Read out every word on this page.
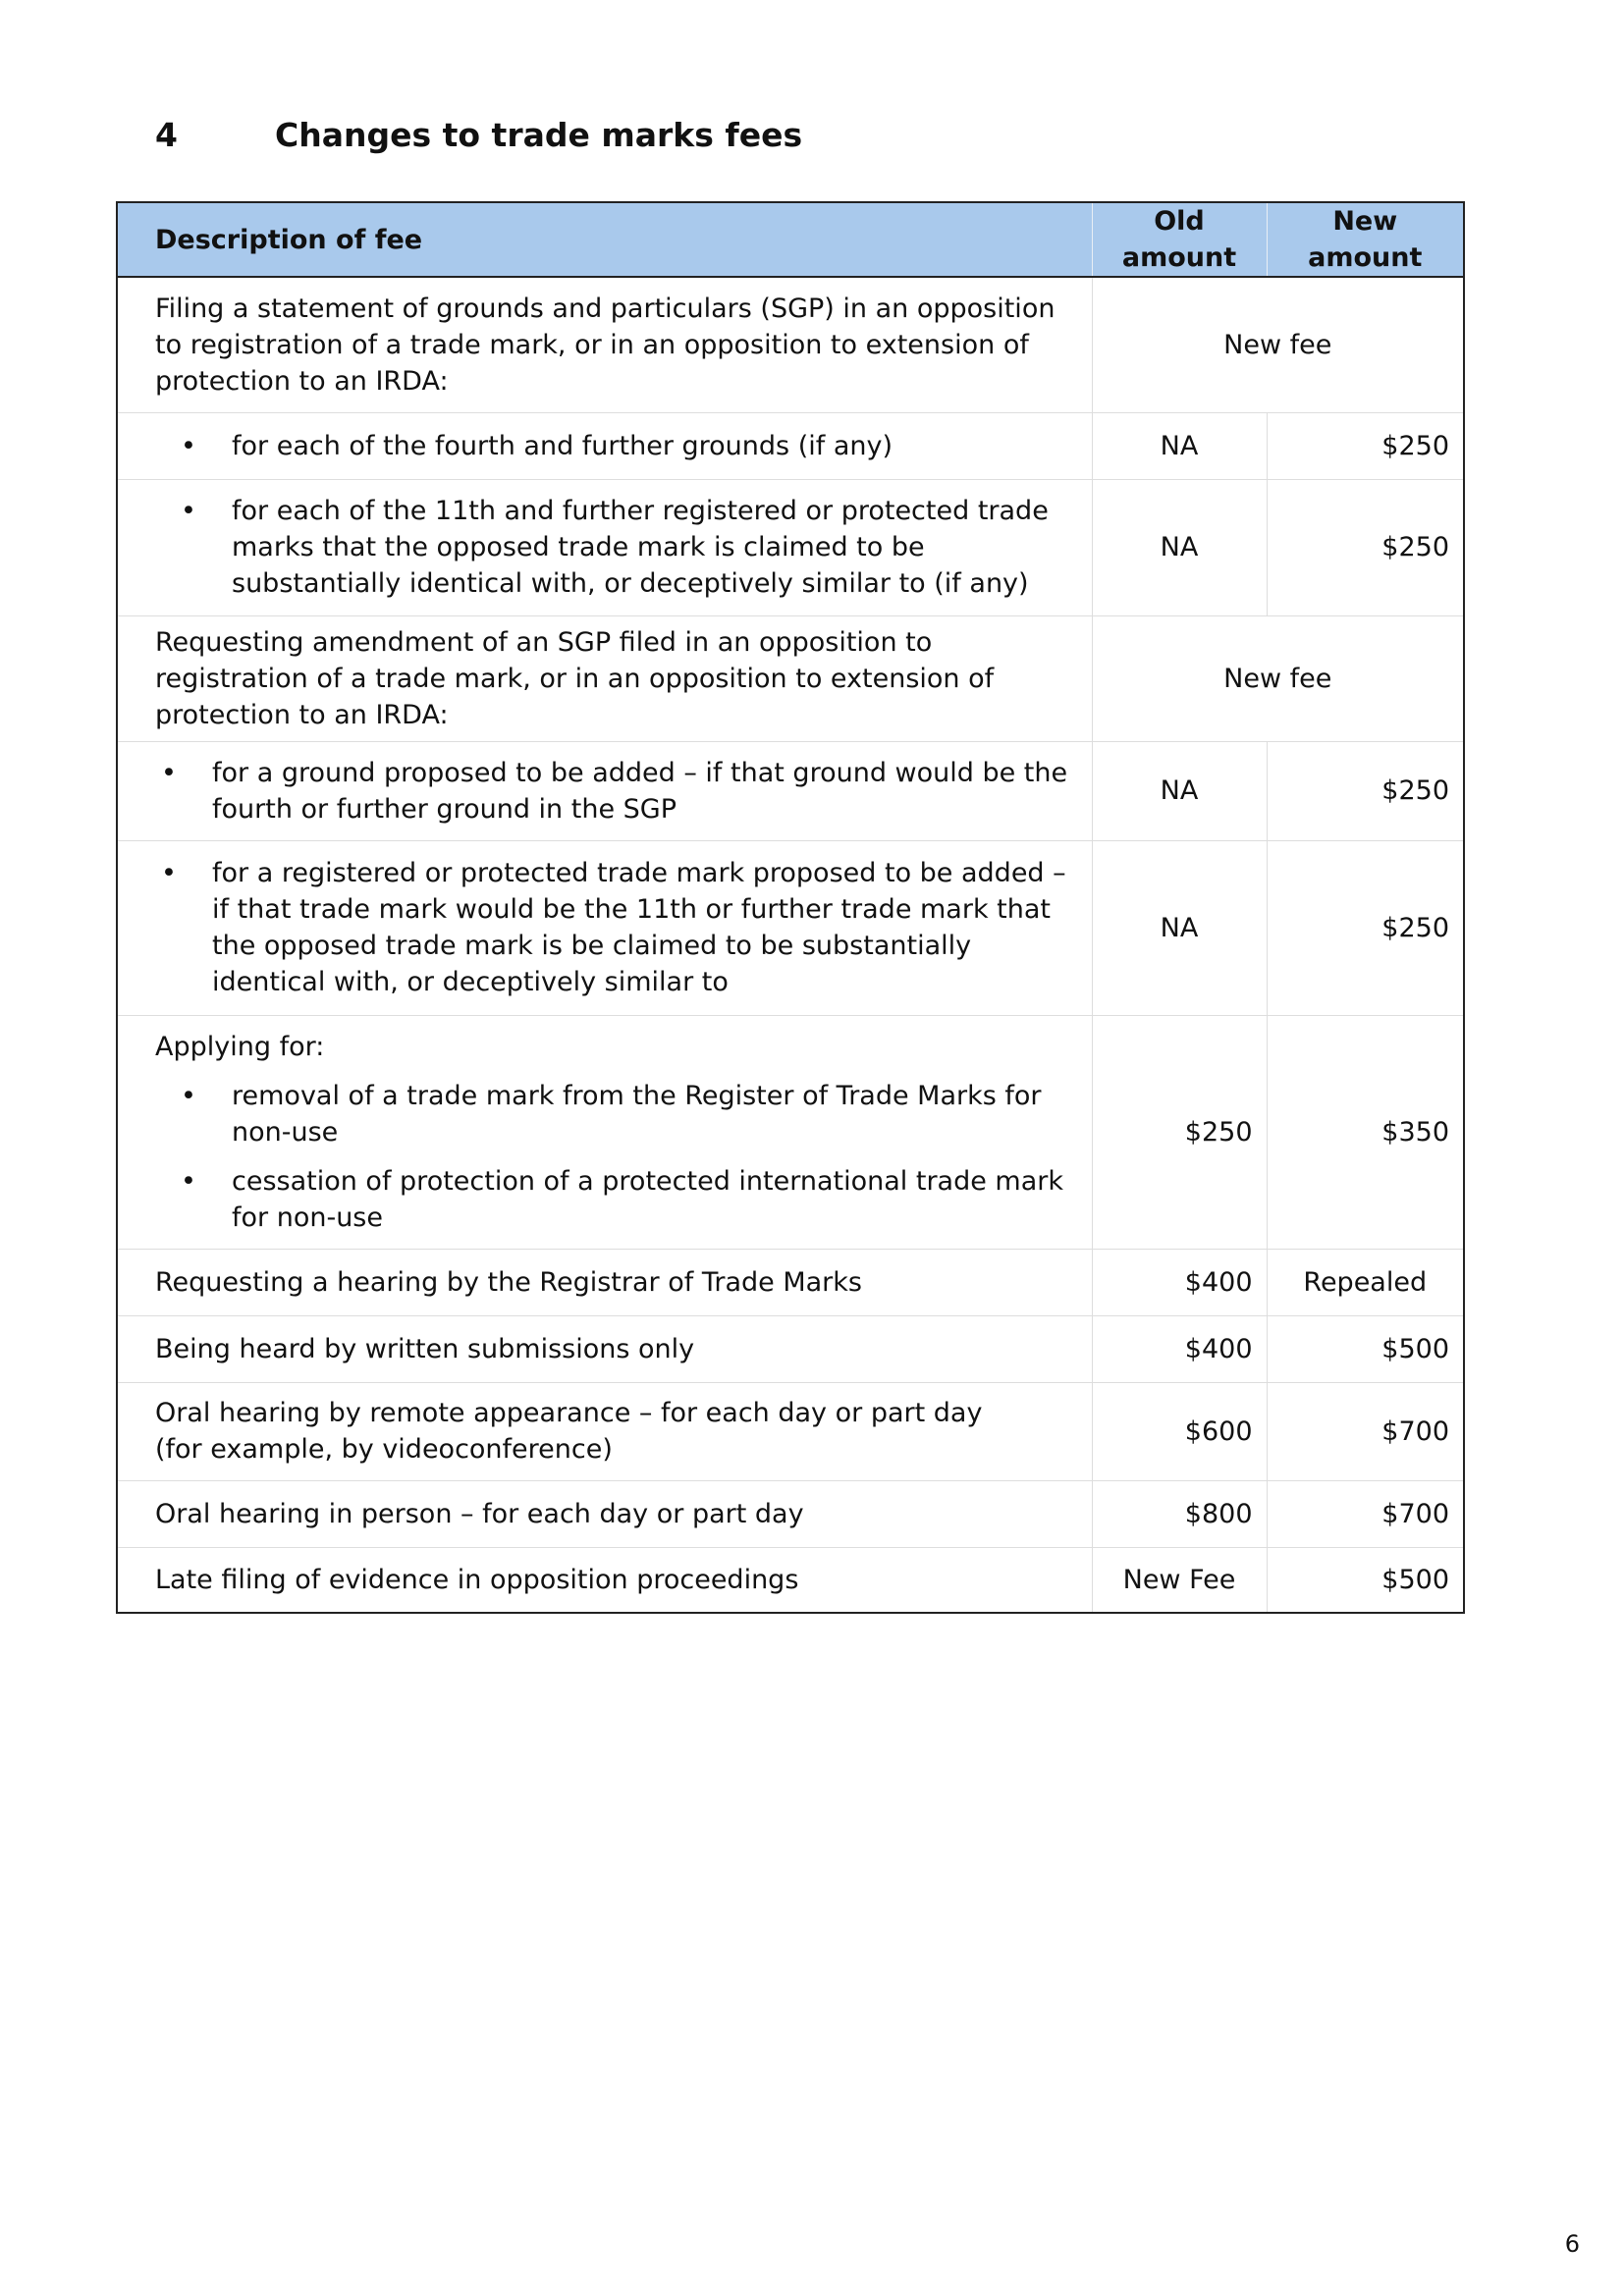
4	Changes to trade marks fees
Description of fee	Old amount	New amount
Filing a statement of grounds and particulars (SGP) in an opposition to registration of a trade mark, or in an opposition to extension of protection to an IRDA:	New fee	

• for each of the fourth and further grounds (if any)	NA	$250

• for each of the 11th and further registered or protected trade marks that the opposed trade mark is claimed to be substantially identical with, or deceptively similar to (if any)	NA	$250
Requesting amendment of an SGP filed in an opposition to registration of a trade mark, or in an opposition to extension of protection to an IRDA:	New fee	

• for a ground proposed to be added – if that ground would be the fourth or further ground in the SGP	NA	$250

• for a registered or protected trade mark proposed to be added – if that trade mark would be the 11th or further trade mark that the opposed trade mark is be claimed to be substantially identical with, or deceptively similar to	NA	$250

Applying for:
• removal of a trade mark from the Register of Trade Marks for non-use
• cessation of protection of a protected international trade mark for non-use	$250	$350
Requesting a hearing by the Registrar of Trade Marks	$400	Repealed
Being heard by written submissions only	$400	$500

Oral hearing by remote appearance – for each day or part day
(for example, by videoconference)	$600	$700
Oral hearing in person – for each day or part day	$800	$700
Late filing of evidence in opposition proceedings	New Fee	$500
6
